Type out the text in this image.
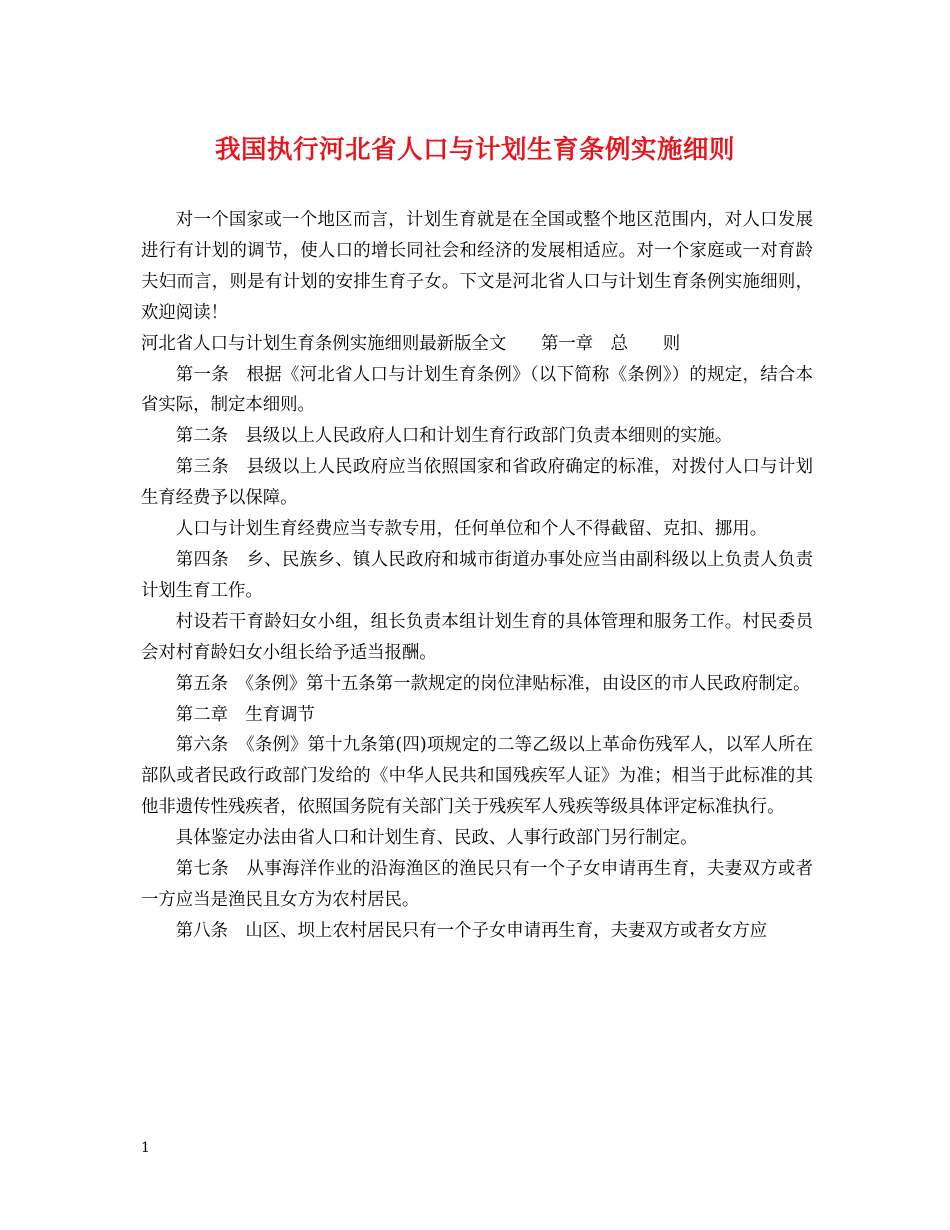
我国执行河北省人口与计划生育条例实施细则

对一个国家或一个地区而言，计划生育就是在全国或整个地区范围内，对人口发展进行有计划的调节，使人口的增长同社会和经济的发展相适应。对一个家庭或一对育龄夫妇而言，则是有计划的安排生育子女。下文是河北省人口与计划生育条例实施细则，欢迎阅读！

河北省人口与计划生育条例实施细则最新版全文　　第一章　总　　则

第一条　根据《河北省人口与计划生育条例》（以下简称《条例》）的规定，结合本省实际，制定本细则。

第二条　县级以上人民政府人口和计划生育行政部门负责本细则的实施。

第三条　县级以上人民政府应当依照国家和省政府确定的标准，对拨付人口与计划生育经费予以保障。

人口与计划生育经费应当专款专用，任何单位和个人不得截留、克扣、挪用。

第四条　乡、民族乡、镇人民政府和城市街道办事处应当由副科级以上负责人负责计划生育工作。

村设若干育龄妇女小组，组长负责本组计划生育的具体管理和服务工作。村民委员会对村育龄妇女小组长给予适当报酬。

第五条　《条例》第十五条第一款规定的岗位津贴标准，由设区的市人民政府制定。

第二章　生育调节

第六条　《条例》第十九条第(四)项规定的二等乙级以上革命伤残军人，以军人所在部队或者民政行政部门发给的《中华人民共和国残疾军人证》为准；相当于此标准的其他非遗传性残疾者，依照国务院有关部门关于残疾军人残疾等级具体评定标准执行。

具体鉴定办法由省人口和计划生育、民政、人事行政部门另行制定。

第七条　从事海洋作业的沿海渔区的渔民只有一个子女申请再生育，夫妻双方或者一方应当是渔民且女方为农村居民。

第八条　山区、坝上农村居民只有一个子女申请再生育，夫妻双方或者女方应

1
